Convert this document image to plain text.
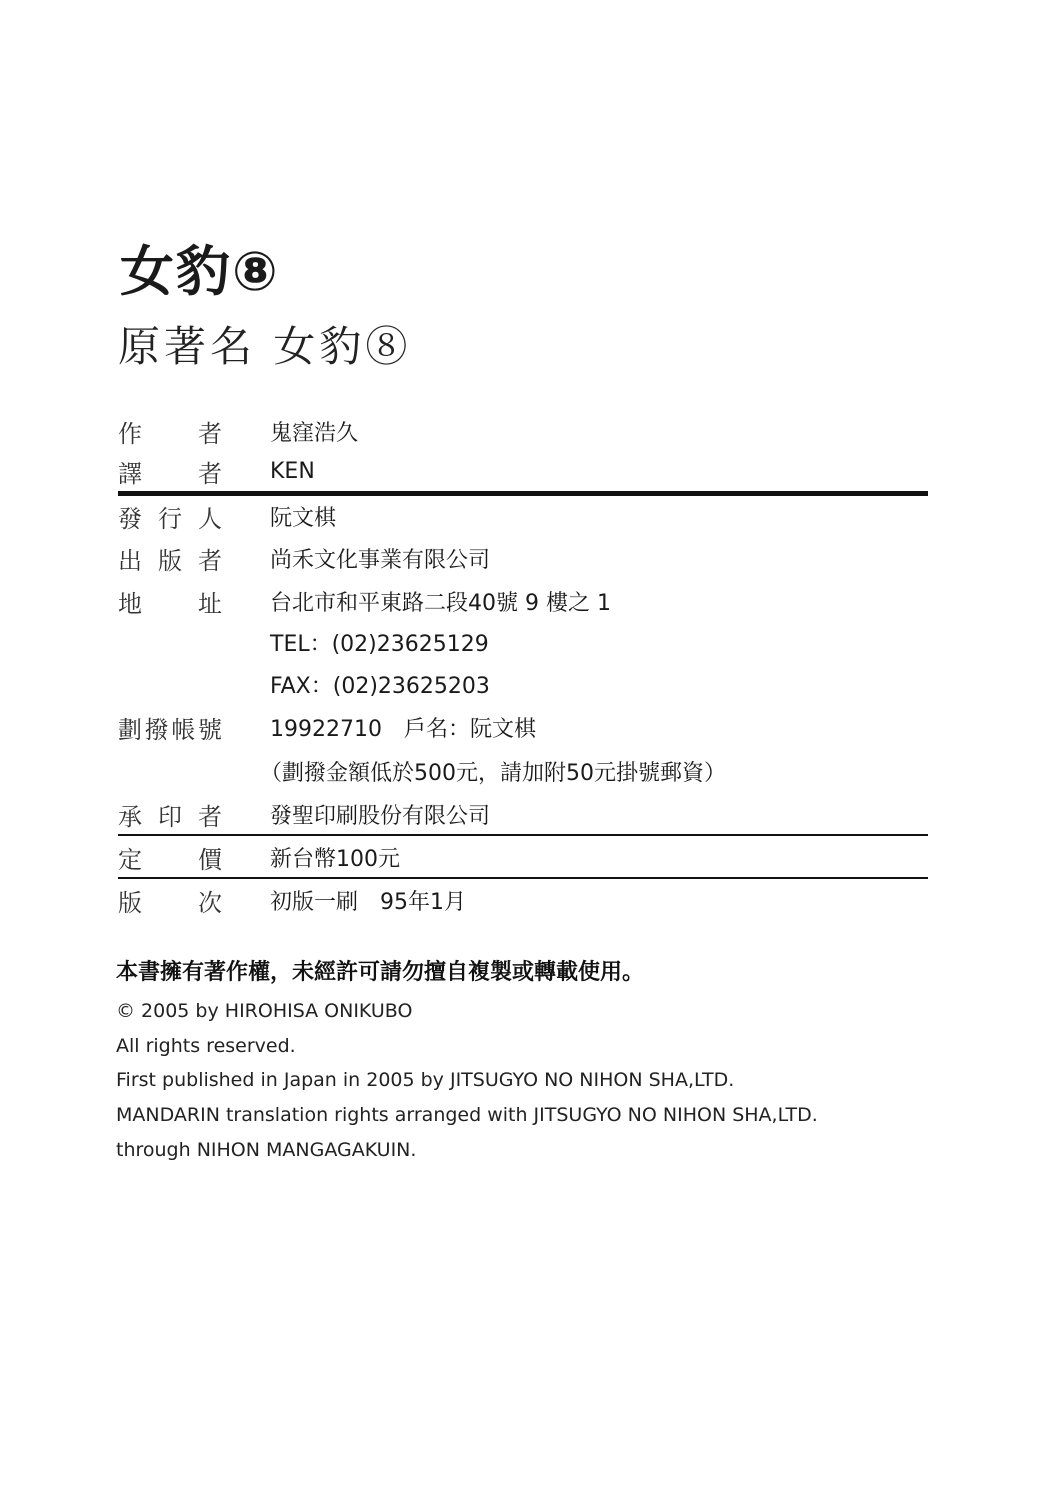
女豹⑧
原著名 女豹⑧
作 者 鬼窪浩久
譯 者 KEN
發 行 人 阮文棋
出 版 者 尚禾文化事業有限公司
地 址 台北市和平東路二段40號 9 樓之 1
TEL：(02)23625129
FAX：(02)23625203
劃 撥 帳 號 19922710　戶名：阮文棋
（劃撥金額低於500元，請加附50元掛號郵資）
承 印 者 發聖印刷股份有限公司
定 價 新台幣100元
版 次 初版一刷　95年1月
本書擁有著作權，未經許可請勿擅自複製或轉載使用。
© 2005 by HIROHISA ONIKUBO
All rights reserved.
First published in Japan in 2005 by JITSUGYO NO NIHON SHA,LTD.
MANDARIN translation rights arranged with JITSUGYO NO NIHON SHA,LTD.
through NIHON MANGAGAKUIN.
